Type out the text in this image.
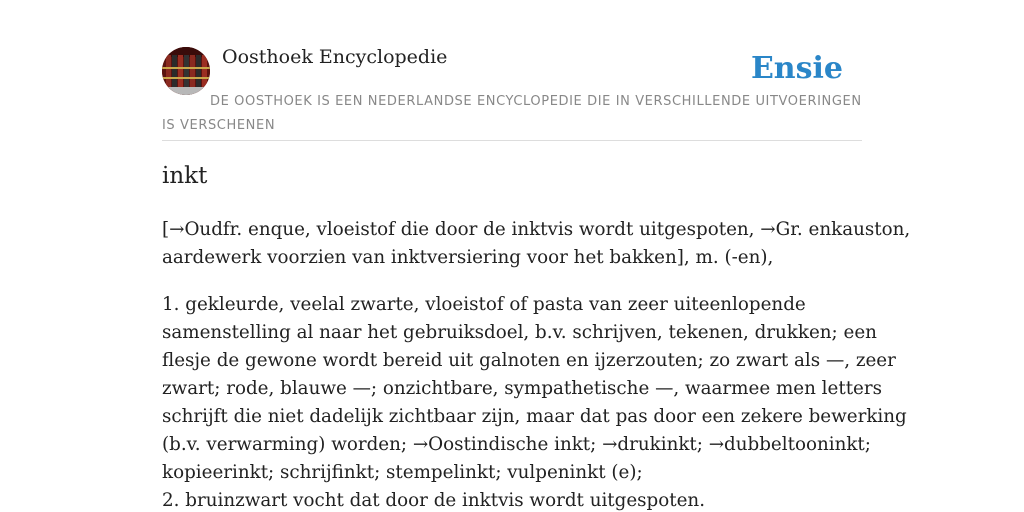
Oosthoek Encyclopedie	Ensie
DE OOSTHOEK IS EEN NEDERLANDSE ENCYCLOPEDIE DIE IN VERSCHILLENDE UITVOERINGEN IS VERSCHENEN
inkt

[→Oudfr. enque, vloeistof die door de inktvis wordt uitgespoten, →Gr. enkauston,
aardewerk voorzien van inktversiering voor het bakken], m. (-en),

1. gekleurde, veelal zwarte, vloeistof of pasta van zeer uiteenlopende
samenstelling al naar het gebruiksdoel, b.v. schrijven, tekenen, drukken; een
flesje de gewone wordt bereid uit galnoten en ijzerzouten; zo zwart als —, zeer
zwart; rode, blauwe —; onzichtbare, sympathetische —, waarmee men letters
schrijft die niet dadelijk zichtbaar zijn, maar dat pas door een zekere bewerking
(b.v. verwarming) worden; →Oostindische inkt; →drukinkt; →dubbeltooninkt;
kopieerinkt; schrijfinkt; stempelinkt; vulpeninkt (e);
2. bruinzwart vocht dat door de inktvis wordt uitgespoten.
